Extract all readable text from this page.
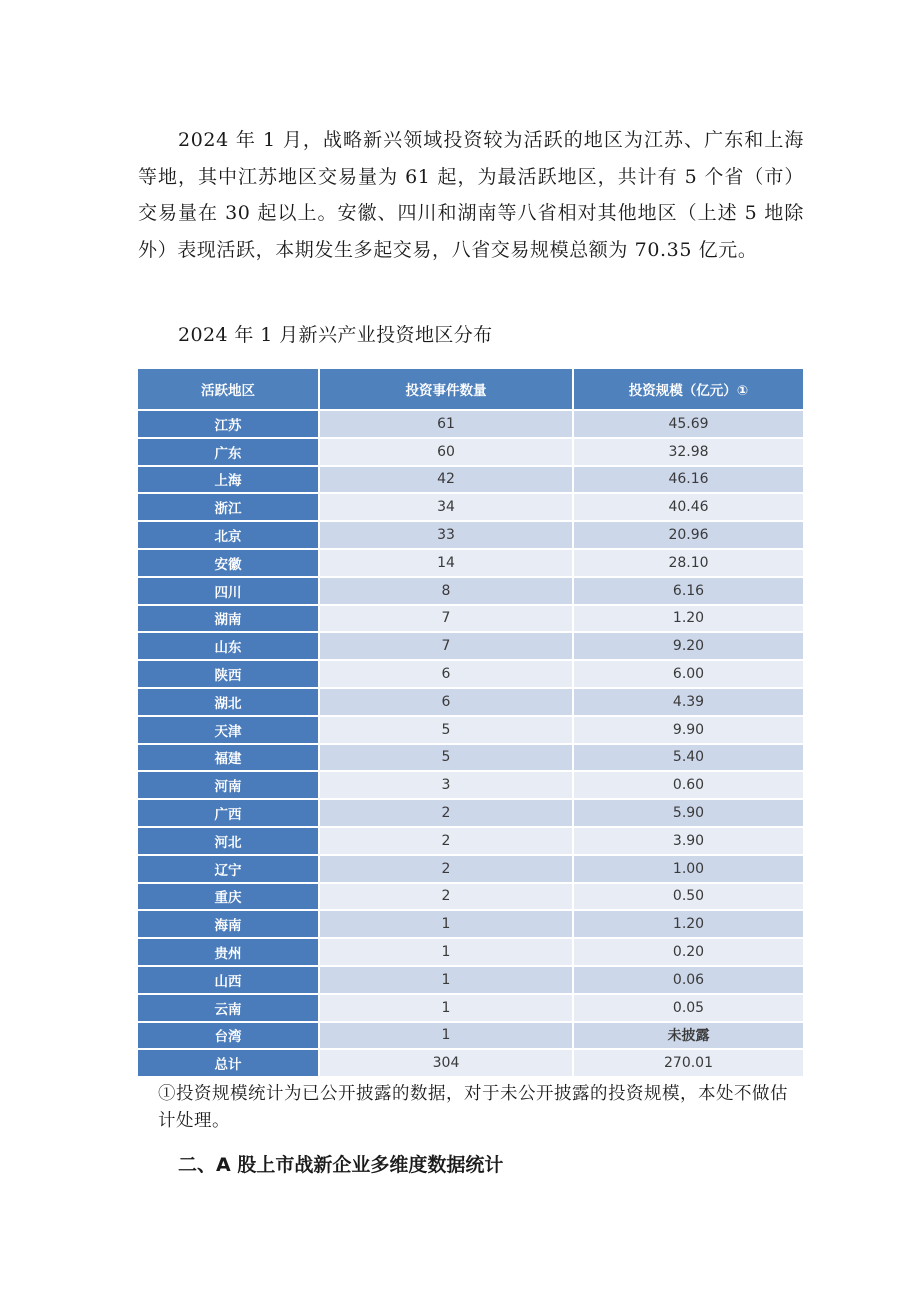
2024 年 1 月，战略新兴领域投资较为活跃的地区为江苏、广东和上海等地，其中江苏地区交易量为 61 起，为最活跃地区，共计有 5 个省（市）交易量在 30 起以上。安徽、四川和湖南等八省相对其他地区（上述 5 地除外）表现活跃，本期发生多起交易，八省交易规模总额为 70.35 亿元。

2024 年 1 月新兴产业投资地区分布

活跃地区	投资事件数量	投资规模（亿元）①
江苏	61	45.69
广东	60	32.98
上海	42	46.16
浙江	34	40.46
北京	33	20.96
安徽	14	28.10
四川	8	6.16
湖南	7	1.20
山东	7	9.20
陕西	6	6.00
湖北	6	4.39
天津	5	9.90
福建	5	5.40
河南	3	0.60
广西	2	5.90
河北	2	3.90
辽宁	2	1.00
重庆	2	0.50
海南	1	1.20
贵州	1	0.20
山西	1	0.06
云南	1	0.05
台湾	1	未披露
总计	304	270.01

①投资规模统计为已公开披露的数据，对于未公开披露的投资规模，本处不做估计处理。

二、A 股上市战新企业多维度数据统计
